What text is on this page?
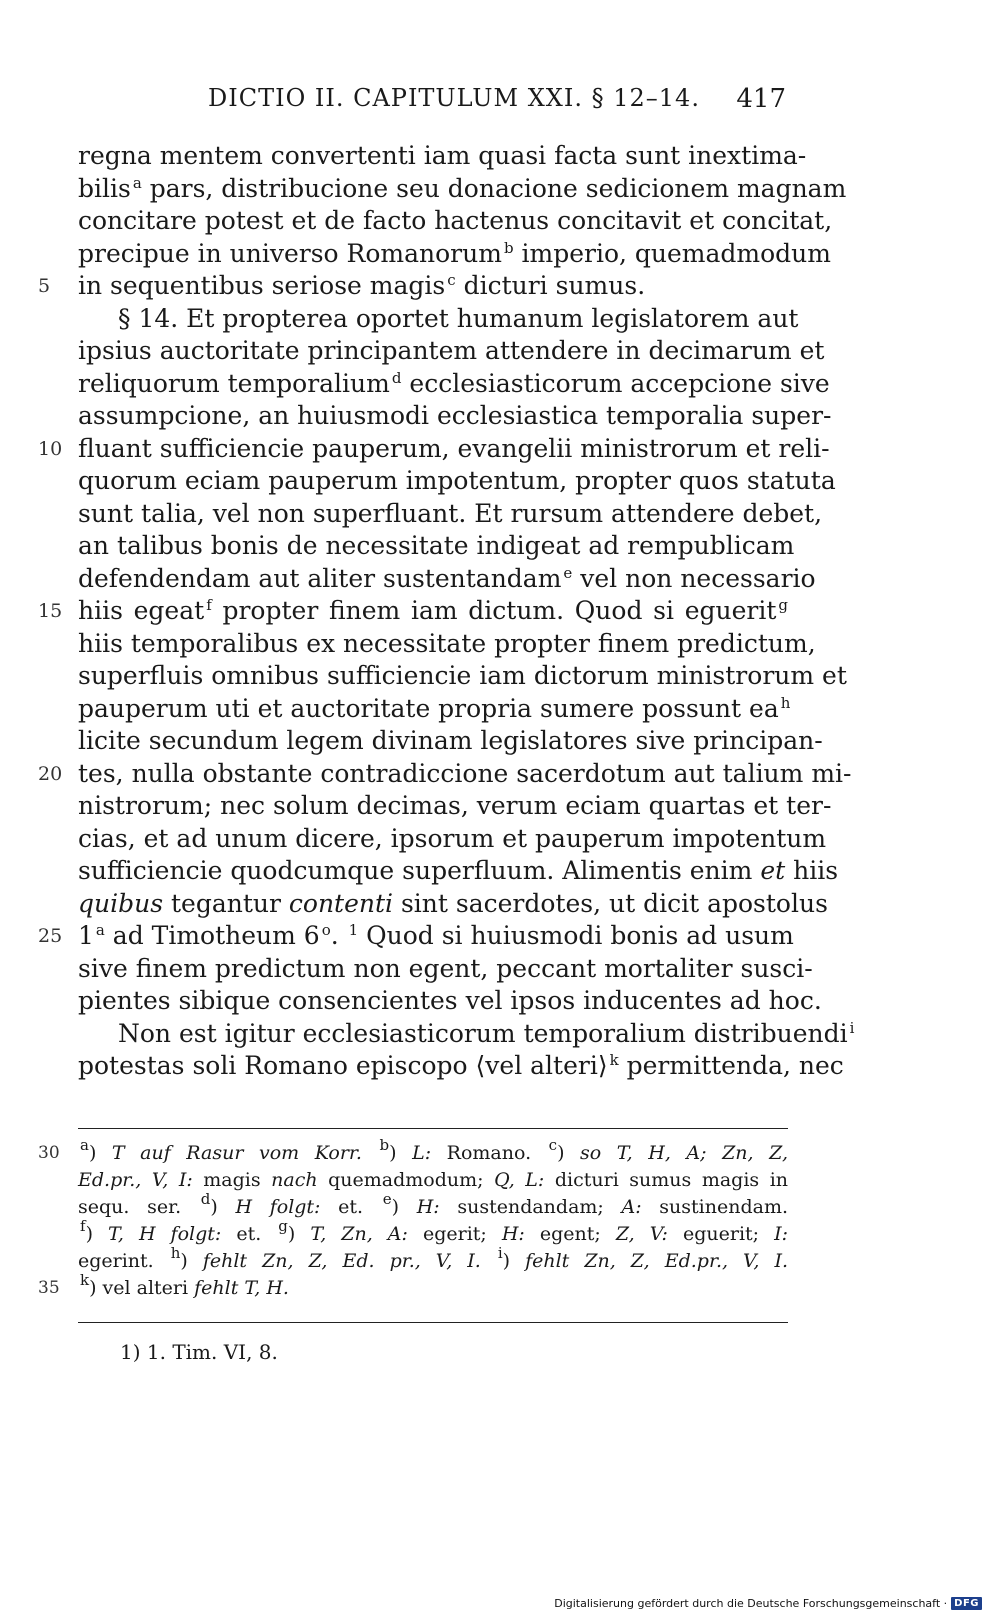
DICTIO II. CAPITULUM XXI. § 12–14. 417
regna mentem convertenti iam quasi facta sunt inextima-
bilis $^a$ pars, distribucione seu donacione sedicionem magnam
concitare potest et de facto hactenus concitavit et concitat,
precipue in universo Romanorum $^b$ imperio, quemadmodum
5	in sequentibus seriose magis $^c$ dicturi sumus.
§ 14. Et propterea oportet humanum legislatorem aut
ipsius auctoritate principantem attendere in decimarum et
reliquorum temporalium $^d$ ecclesiasticorum accepcione sive
assumpcione, an huiusmodi ecclesiastica temporalia super-
10 fluant sufficiencie pauperum, evangelii ministrorum et reli-
quorum eciam pauperum impotentum, propter quos statuta
sunt talia, vel non superfluant. Et rursum attendere debet,
an talibus bonis de necessitate indigeat ad rempublicam
defendendam aut aliter sustentandam $^e$ vel non necessario
15 hiis egeat $^f$ propter finem iam dictum. Quod si eguerit $^g$
hiis temporalibus ex necessitate propter finem predictum,
superfluis omnibus sufficiencie iam dictorum ministrorum et
pauperum uti et auctoritate propria sumere possunt ea $^h$
licite secundum legem divinam legislatores sive principan-
20 tes, nulla obstante contradiccione sacerdotum aut talium mi-
nistrorum; nec solum decimas, verum eciam quartas et ter-
cias, et ad unum dicere, ipsorum et pauperum impotentum
sufficiencie quodcumque superfluum. Alimentis enim et hiis
quibus tegantur contenti sint sacerdotes, ut dicit apostolus
25 1 $^a$ ad Timotheum 6 $^o$. $^1$ Quod si huiusmodi bonis ad usum
sive finem predictum non egent, peccant mortaliter susci-
pientes sibique consencientes vel ipsos inducentes ad hoc.
Non est igitur ecclesiasticorum temporalium distribuendi $^i$
potestas soli Romano episcopo ⟨vel alteri⟩ $^k$ permittenda, nec
30	$^a$) T auf Rasur vom Korr. $^b$) L: Romano. $^c$) so T, H, A; Zn, Z,
Ed.pr., V, I: magis nach quemadmodum; Q, L: dicturi sumus magis in
sequ. ser. $^d$) H folgt: et. $^e$) H: sustendandam; A: sustinendam.
$^f$) T, H folgt: et. $^g$) T, Zn, A: egerit; H: egent; Z, V: eguerit; I:
egerint. $^h$) fehlt Zn, Z, Ed. pr., V, I. $^i$) fehlt Zn, Z, Ed.pr., V, I.
35	$^k$) vel alteri fehlt T, H.
1) 1. Tim. VI, 8.
Digitalisierung gefördert durch die Deutsche Forschungsgemeinschaft · DFG
